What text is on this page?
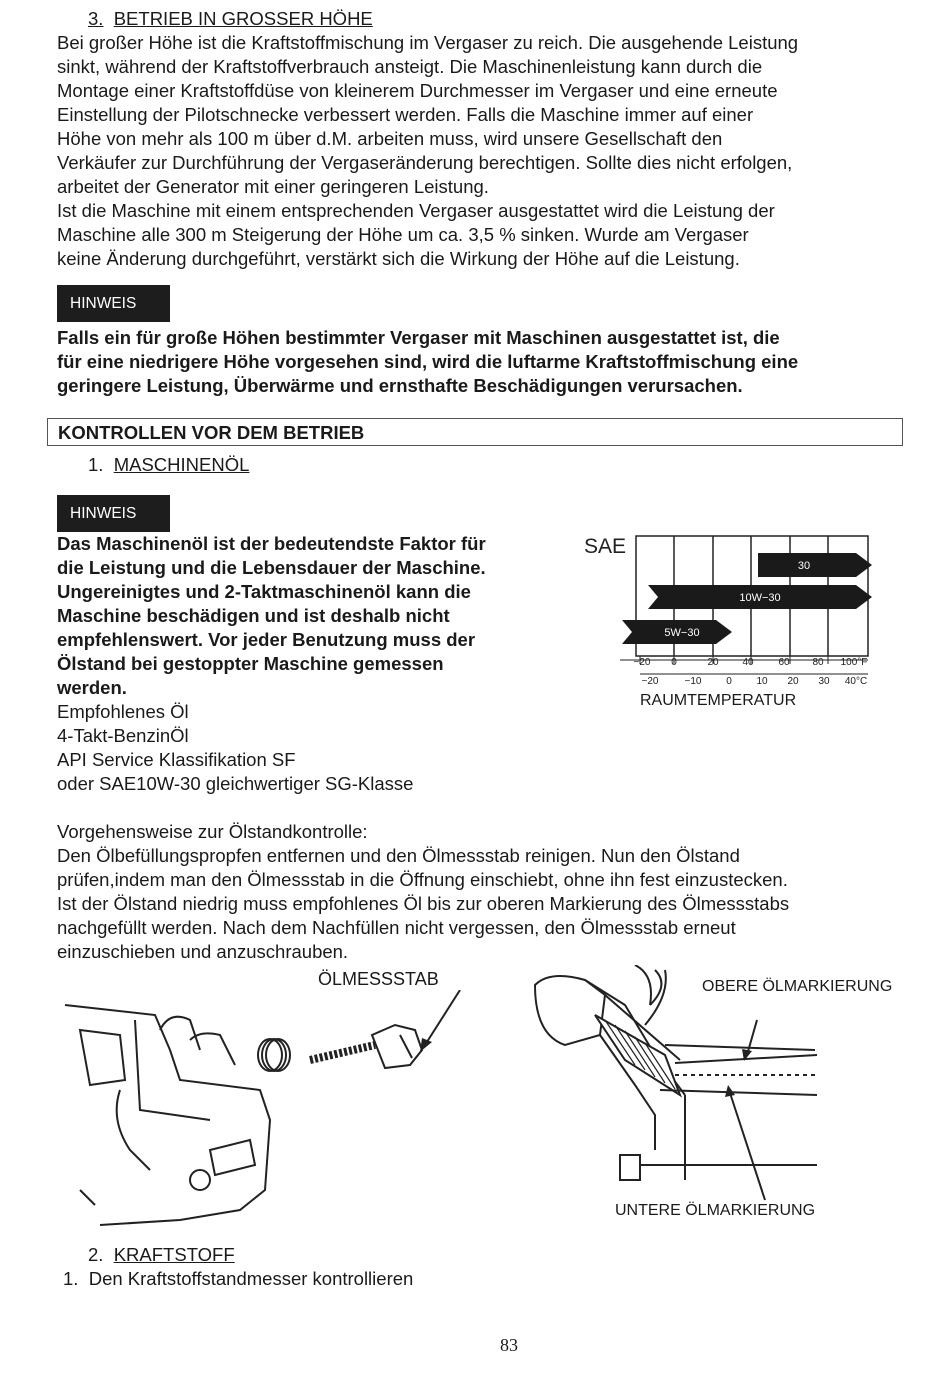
3. BETRIEB IN GROSSER HÖHE
Bei großer Höhe ist die Kraftstoffmischung im Vergaser zu reich. Die ausgehende Leistung
sinkt, während der Kraftstoffverbrauch ansteigt. Die Maschinenleistung kann durch die
Montage einer Kraftstoffdüse von kleinerem Durchmesser im Vergaser und eine erneute
Einstellung der Pilotschnecke verbessert werden. Falls die Maschine immer auf einer
Höhe von mehr als 100 m über d.M. arbeiten muss, wird unsere Gesellschaft den
Verkäufer zur Durchführung der Vergaseränderung berechtigen. Sollte dies nicht erfolgen,
arbeitet der Generator mit einer geringeren Leistung.
Ist die Maschine mit einem entsprechenden Vergaser ausgestattet wird die Leistung der
Maschine alle 300 m Steigerung der Höhe um ca. 3,5 % sinken. Wurde am Vergaser
keine Änderung durchgeführt, verstärkt sich die Wirkung der Höhe auf die Leistung.
HINWEIS
Falls ein für große Höhen bestimmter Vergaser mit Maschinen ausgestattet ist, die
für eine niedrigere Höhe vorgesehen sind, wird die luftarme Kraftstoffmischung eine
geringere Leistung, Überwärme und ernsthafte Beschädigungen verursachen.
KONTROLLEN VOR DEM BETRIEB
1. MASCHINENÖL
HINWEIS
Das Maschinenöl ist der bedeutendste Faktor für
die Leistung und die Lebensdauer der Maschine.
Ungereinigtes und 2-Taktmaschinenöl kann die
Maschine beschädigen und ist deshalb nicht
empfehlenswert. Vor jeder Benutzung muss der
Ölstand bei gestoppter Maschine gemessen
werden.
Empfohlenes Öl
4-Takt-BenzinÖl
API Service Klassifikation SF
oder SAE10W-30 gleichwertiger SG-Klasse
SAE
30
10W−30
5W−30
−20 0	20 40 60 80 100°F
−20	−10 0 10 20 30 40°C
RAUMTEMPERATUR
Vorgehensweise zur Ölstandkontrolle:
Den Ölbefüllungspropfen entfernen und den Ölmessstab reinigen. Nun den Ölstand
prüfen,indem man den Ölmessstab in die Öffnung einschiebt, ohne ihn fest einzustecken.
Ist der Ölstand niedrig muss empfohlenes Öl bis zur oberen Markierung des Ölmessstabs
nachgefüllt werden. Nach dem Nachfüllen nicht vergessen, den Ölmessstab erneut
einzuschieben und anzuschrauben.
ÖLMESSSTAB	OBERE ÖLMARKIERUNG
UNTERE ÖLMARKIERUNG
2. KRAFTSTOFF
1. Den Kraftstoffstandmesser kontrollieren
83
